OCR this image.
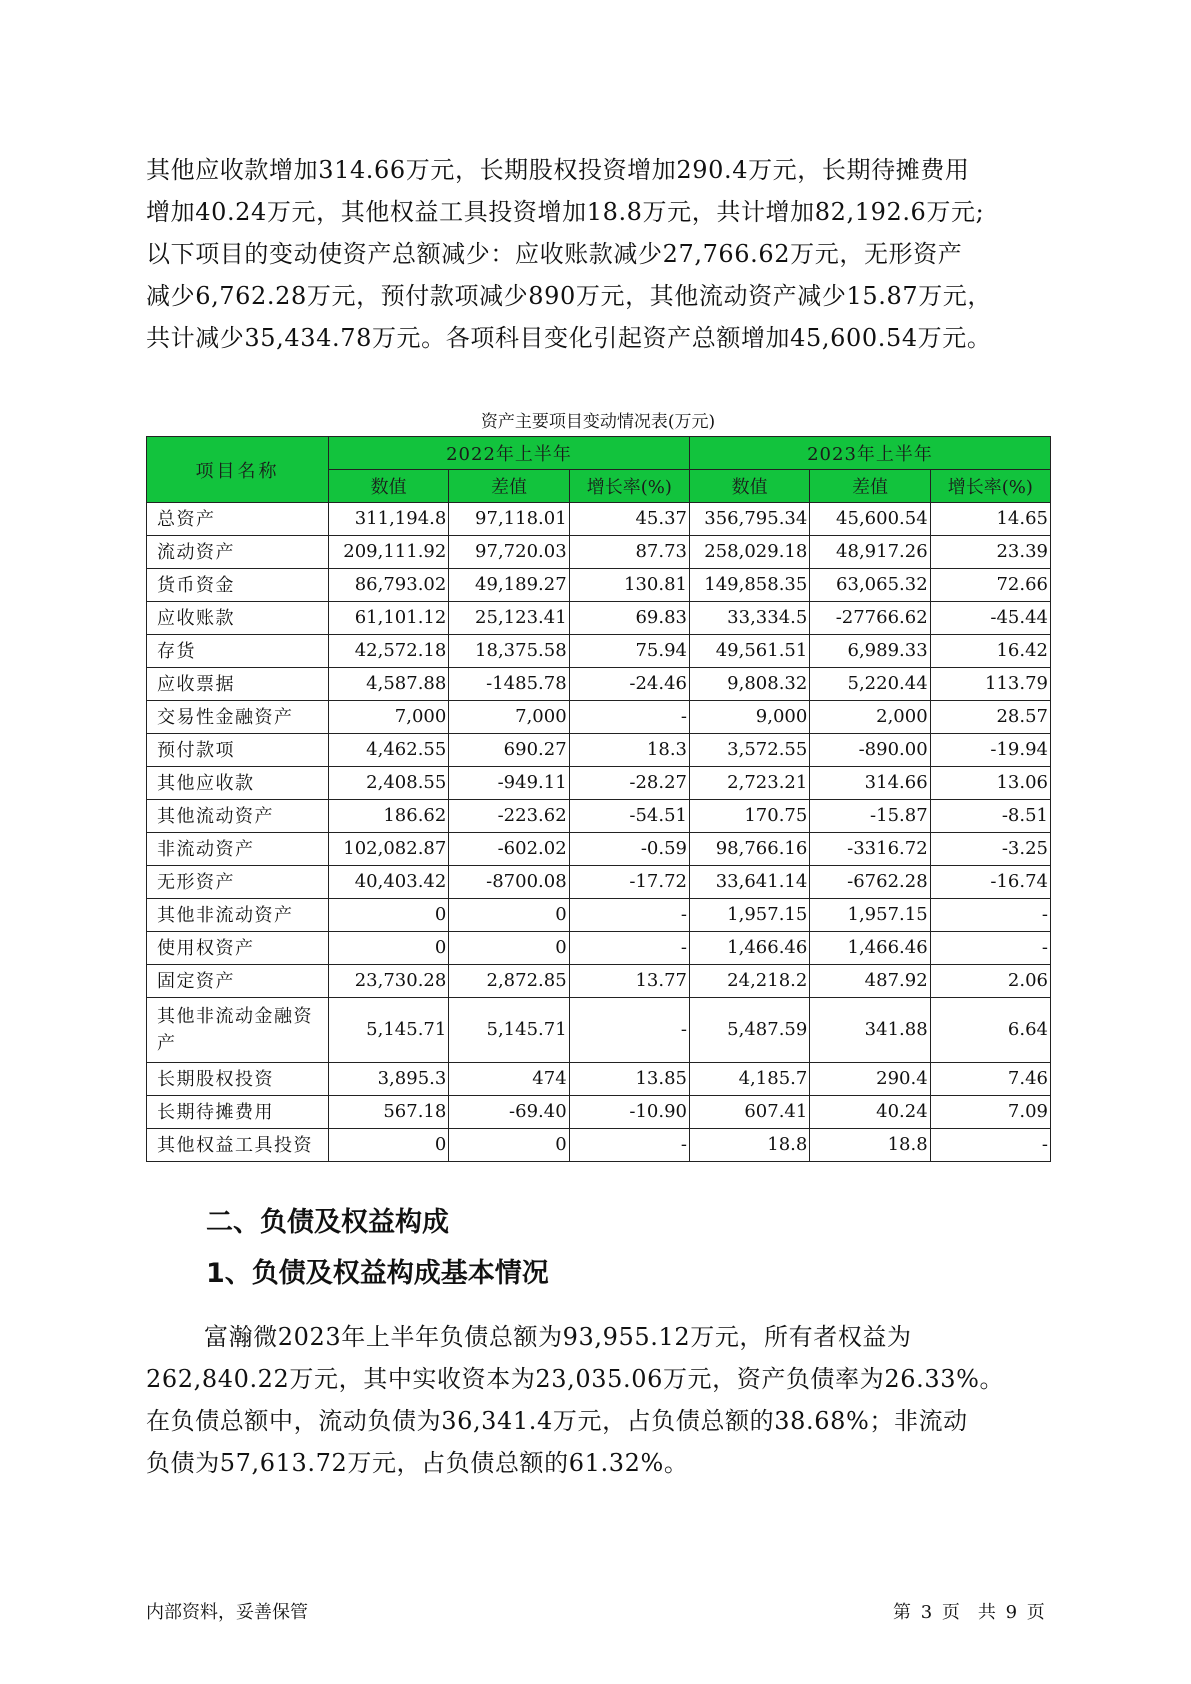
其他应收款增加314.66万元，长期股权投资增加290.4万元，长期待摊费用

增加40.24万元，其他权益工具投资增加18.8万元，共计增加82,192.6万元;

以下项目的变动使资产总额减少：应收账款减少27,766.62万元，无形资产

减少6,762.28万元，预付款项减少890万元，其他流动资产减少15.87万元，

共计减少35,434.78万元。各项科目变化引起资产总额增加45,600.54万元。

资产主要项目变动情况表(万元)
项目名称	2022年上半年			2023年上半年		
	数值	差值	增长率(%)	数值	差值	增长率(%)
总资产	311,194.8	97,118.01	45.37	356,795.34	45,600.54	14.65
流动资产	209,111.92	97,720.03	87.73	258,029.18	48,917.26	23.39
货币资金	86,793.02	49,189.27	130.81	149,858.35	63,065.32	72.66
应收账款	61,101.12	25,123.41	69.83	33,334.5	-27766.62	-45.44
存货	42,572.18	18,375.58	75.94	49,561.51	6,989.33	16.42
应收票据	4,587.88	-1485.78	-24.46	9,808.32	5,220.44	113.79
交易性金融资产	7,000	7,000	-	9,000	2,000	28.57
预付款项	4,462.55	690.27	18.3	3,572.55	-890.00	-19.94
其他应收款	2,408.55	-949.11	-28.27	2,723.21	314.66	13.06
其他流动资产	186.62	-223.62	-54.51	170.75	-15.87	-8.51
非流动资产	102,082.87	-602.02	-0.59	98,766.16	-3316.72	-3.25
无形资产	40,403.42	-8700.08	-17.72	33,641.14	-6762.28	-16.74
其他非流动资产	0	0	-	1,957.15	1,957.15	-
使用权资产	0	0	-	1,466.46	1,466.46	-
固定资产	23,730.28	2,872.85	13.77	24,218.2	487.92	2.06
其他非流动金融资产	5,145.71	5,145.71	-	5,487.59	341.88	6.64
长期股权投资	3,895.3	474	13.85	4,185.7	290.4	7.46
长期待摊费用	567.18	-69.40	-10.90	607.41	40.24	7.09
其他权益工具投资	0	0	-	18.8	18.8	-
二、负债及权益构成
1、负债及权益构成基本情况

富瀚微2023年上半年负债总额为93,955.12万元，所有者权益为

262,840.22万元，其中实收资本为23,035.06万元，资产负债率为26.33%。

在负债总额中，流动负债为36,341.4万元，占负债总额的38.68%；非流动

负债为57,613.72万元，占负债总额的61.32%。

内部资料，妥善保管	第 3 页　共 9 页
